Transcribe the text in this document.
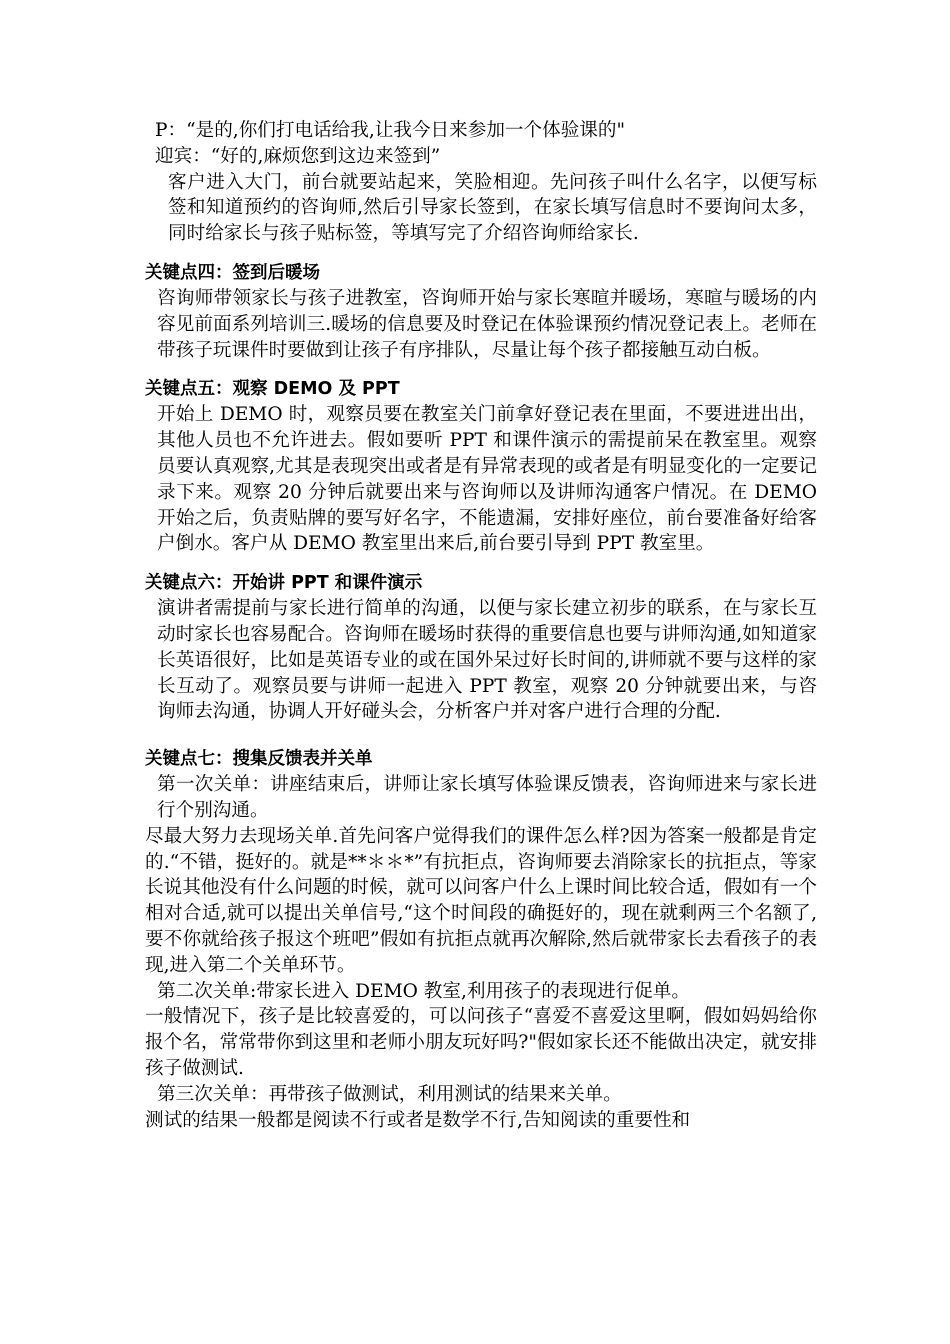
P：“是的,你们打电话给我,让我今日来参加一个体验课的"

迎宾：“好的,麻烦您到这边来签到”

客户进入大门，前台就要站起来，笑脸相迎。先问孩子叫什么名字，以便写标签和知道预约的咨询师,然后引导家长签到，在家长填写信息时不要询问太多，同时给家长与孩子贴标签，等填写完了介绍咨询师给家长.

关键点四：签到后暖场

咨询师带领家长与孩子进教室，咨询师开始与家长寒暄并暖场，寒暄与暖场的内容见前面系列培训三.暖场的信息要及时登记在体验课预约情况登记表上。老师在带孩子玩课件时要做到让孩子有序排队，尽量让每个孩子都接触互动白板。

关键点五：观察 DEMO 及 PPT

开始上 DEMO 时，观察员要在教室关门前拿好登记表在里面，不要进进出出，其他人员也不允许进去。假如要听 PPT 和课件演示的需提前呆在教室里。观察员要认真观察,尤其是表现突出或者是有异常表现的或者是有明显变化的一定要记录下来。观察 20 分钟后就要出来与咨询师以及讲师沟通客户情况。在 DEMO 开始之后，负责贴牌的要写好名字，不能遗漏，安排好座位，前台要准备好给客户倒水。客户从 DEMO 教室里出来后,前台要引导到 PPT 教室里。

关键点六：开始讲 PPT 和课件演示

演讲者需提前与家长进行简单的沟通，以便与家长建立初步的联系，在与家长互动时家长也容易配合。咨询师在暖场时获得的重要信息也要与讲师沟通,如知道家长英语很好，比如是英语专业的或在国外呆过好长时间的,讲师就不要与这样的家长互动了。观察员要与讲师一起进入 PPT 教室，观察 20 分钟就要出来，与咨询师去沟通，协调人开好碰头会，分析客户并对客户进行合理的分配.

关键点七：搜集反馈表并关单

第一次关单：讲座结束后，讲师让家长填写体验课反馈表，咨询师进来与家长进行个别沟通。

尽最大努力去现场关单.首先问客户觉得我们的课件怎么样?因为答案一般都是肯定的.“不错，挺好的。就是**＊＊*”有抗拒点，咨询师要去消除家长的抗拒点，等家长说其他没有什么问题的时候，就可以问客户什么上课时间比较合适，假如有一个相对合适,就可以提出关单信号,“这个时间段的确挺好的，现在就剩两三个名额了,要不你就给孩子报这个班吧”假如有抗拒点就再次解除,然后就带家长去看孩子的表现,进入第二个关单环节。

第二次关单:带家长进入 DEMO 教室,利用孩子的表现进行促单。

一般情况下，孩子是比较喜爱的，可以问孩子“喜爱不喜爱这里啊，假如妈妈给你报个名，常常带你到这里和老师小朋友玩好吗?"假如家长还不能做出决定，就安排孩子做测试.

第三次关单：再带孩子做测试，利用测试的结果来关单。

测试的结果一般都是阅读不行或者是数学不行,告知阅读的重要性和
